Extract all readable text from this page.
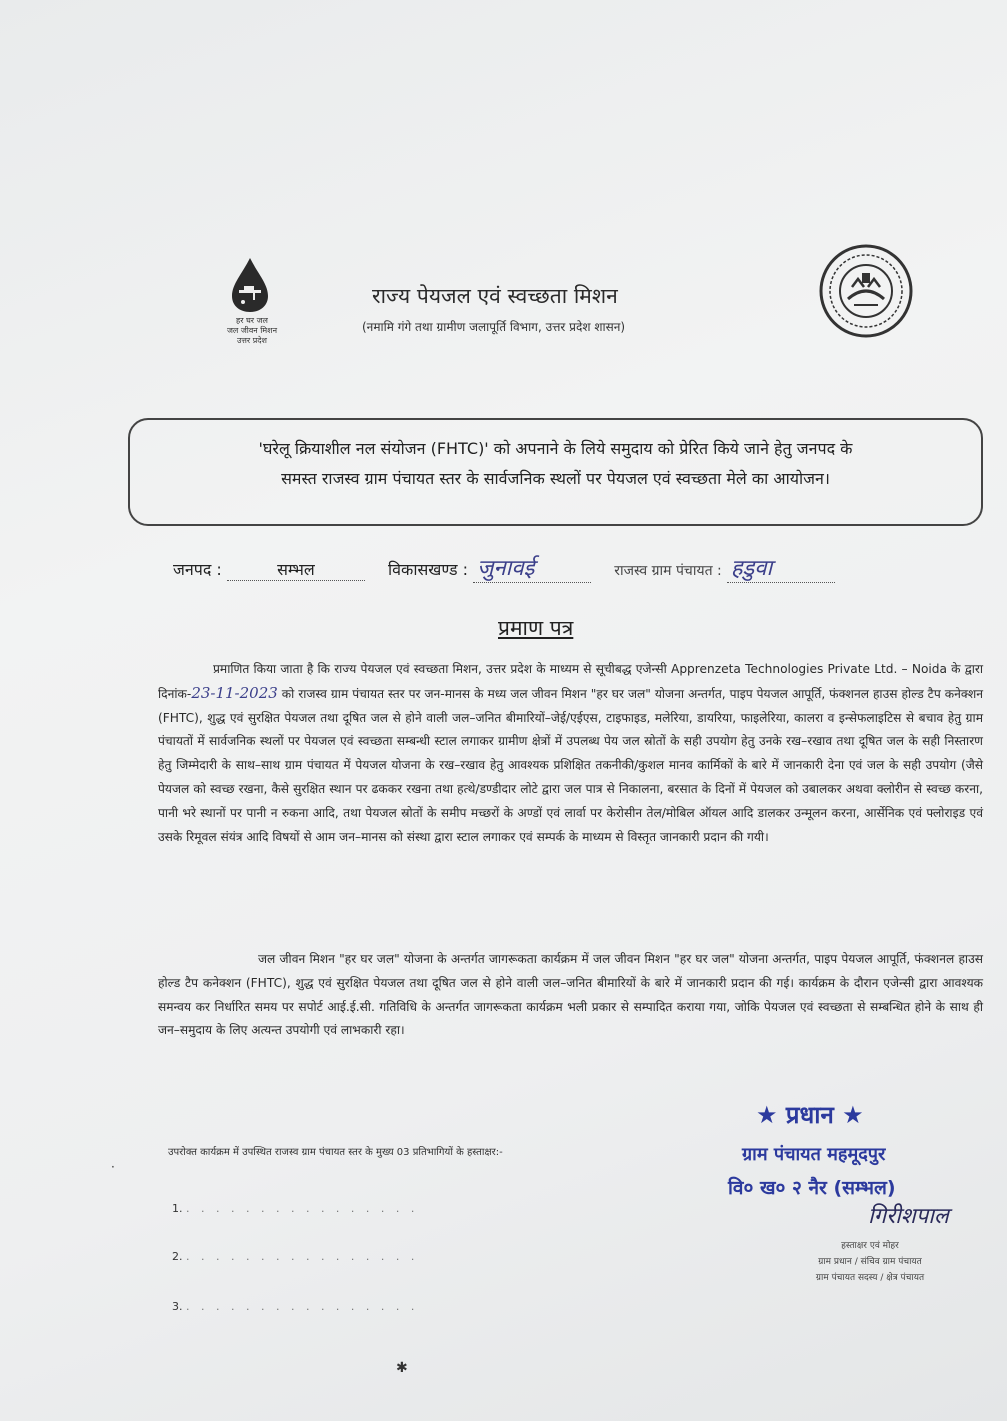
हर घर जल
जल जीवन मिशन
उत्तर प्रदेश
राज्य पेयजल एवं स्वच्छता मिशन
(नमामि गंगे तथा ग्रामीण जलापूर्ति विभाग, उत्तर प्रदेश शासन)
'घरेलू क्रियाशील नल संयोजन (FHTC)' को अपनाने के लिये समुदाय को प्रेरित किये जाने हेतु जनपद के
समस्त राजस्व ग्राम पंचायत स्तर के सार्वजनिक स्थलों पर पेयजल एवं स्वच्छता मेले का आयोजन।
जनपद :	सम्भल	विकासखण्ड : जुनावई	राजस्व ग्राम पंचायत : हडुवा
प्रमाण पत्र
प्रमाणित किया जाता है कि राज्य पेयजल एवं स्वच्छता मिशन, उत्तर प्रदेश के माध्यम से सूचीबद्ध एजेन्सी Apprenzeta Technologies Private Ltd. – Noida के द्वारा दिनांक-23-11-2023 को राजस्व ग्राम पंचायत स्तर पर जन-मानस के मध्य जल जीवन मिशन "हर घर जल" योजना अन्तर्गत, पाइप पेयजल आपूर्ति, फंक्शनल हाउस होल्ड टैप कनेक्शन (FHTC), शुद्ध एवं सुरक्षित पेयजल तथा दूषित जल से होने वाली जल–जनित बीमारियों–जेई/एईएस, टाइफाइड, मलेरिया, डायरिया, फाइलेरिया, कालरा व इन्सेफलाइटिस से बचाव हेतु ग्राम पंचायतों में सार्वजनिक स्थलों पर पेयजल एवं स्वच्छता सम्बन्धी स्टाल लगाकर ग्रामीण क्षेत्रों में उपलब्ध पेय जल स्रोतों के सही उपयोग हेतु उनके रख–रखाव तथा दूषित जल के सही निस्तारण हेतु जिम्मेदारी के साथ–साथ ग्राम पंचायत में पेयजल योजना के रख–रखाव हेतु आवश्यक प्रशिक्षित तकनीकी/कुशल मानव कार्मिकों के बारे में जानकारी देना एवं जल के सही उपयोग (जैसे पेयजल को स्वच्छ रखना, कैसे सुरक्षित स्थान पर ढककर रखना तथा हत्थे/डण्डीदार लोटे द्वारा जल पात्र से निकालना, बरसात के दिनों में पेयजल को उबालकर अथवा क्लोरीन से स्वच्छ करना, पानी भरे स्थानों पर पानी न रुकना आदि, तथा पेयजल स्रोतों के समीप मच्छरों के अण्डों एवं लार्वा पर केरोसीन तेल/मोबिल ऑयल आदि डालकर उन्मूलन करना, आर्सेनिक एवं फ्लोराइड एवं उसके रिमूवल संयंत्र आदि विषयों से आम जन–मानस को संस्था द्वारा स्टाल लगाकर एवं सम्पर्क के माध्यम से विस्तृत जानकारी प्रदान की गयी।
जल जीवन मिशन "हर घर जल" योजना के अन्तर्गत जागरूकता कार्यक्रम में जल जीवन मिशन "हर घर जल" योजना अन्तर्गत, पाइप पेयजल आपूर्ति, फंक्शनल हाउस होल्ड टैप कनेक्शन (FHTC), शुद्ध एवं सुरक्षित पेयजल तथा दूषित जल से होने वाली जल–जनित बीमारियों के बारे में जानकारी प्रदान की गई। कार्यक्रम के दौरान एजेन्सी द्वारा आवश्यक समन्वय कर निर्धारित समय पर सपोर्ट आई.ई.सी. गतिविधि के अन्तर्गत जागरूकता कार्यक्रम भली प्रकार से सम्पादित कराया गया, जोकि पेयजल एवं स्वच्छता से सम्बन्धित होने के साथ ही जन–समुदाय के लिए अत्यन्त उपयोगी एवं लाभकारी रहा।
·
उपरोक्त कार्यक्रम में उपस्थित राजस्व ग्राम पंचायत स्तर के मुख्य 03 प्रतिभागियों के हस्ताक्षर:-
1. . . . . . . . . . . . . . . . .
2. . . . . . . . . . . . . . . . .
3. . . . . . . . . . . . . . . . .
✱
★ प्रधान ★
ग्राम पंचायत महमूदपुर
वि० ख० २ नैर (सम्भल)
गिरीशपाल
हस्ताक्षर एवं मोहर
ग्राम प्रधान / संचिव ग्राम पंचायत
ग्राम पंचायत सदस्य / क्षेत्र पंचायत
